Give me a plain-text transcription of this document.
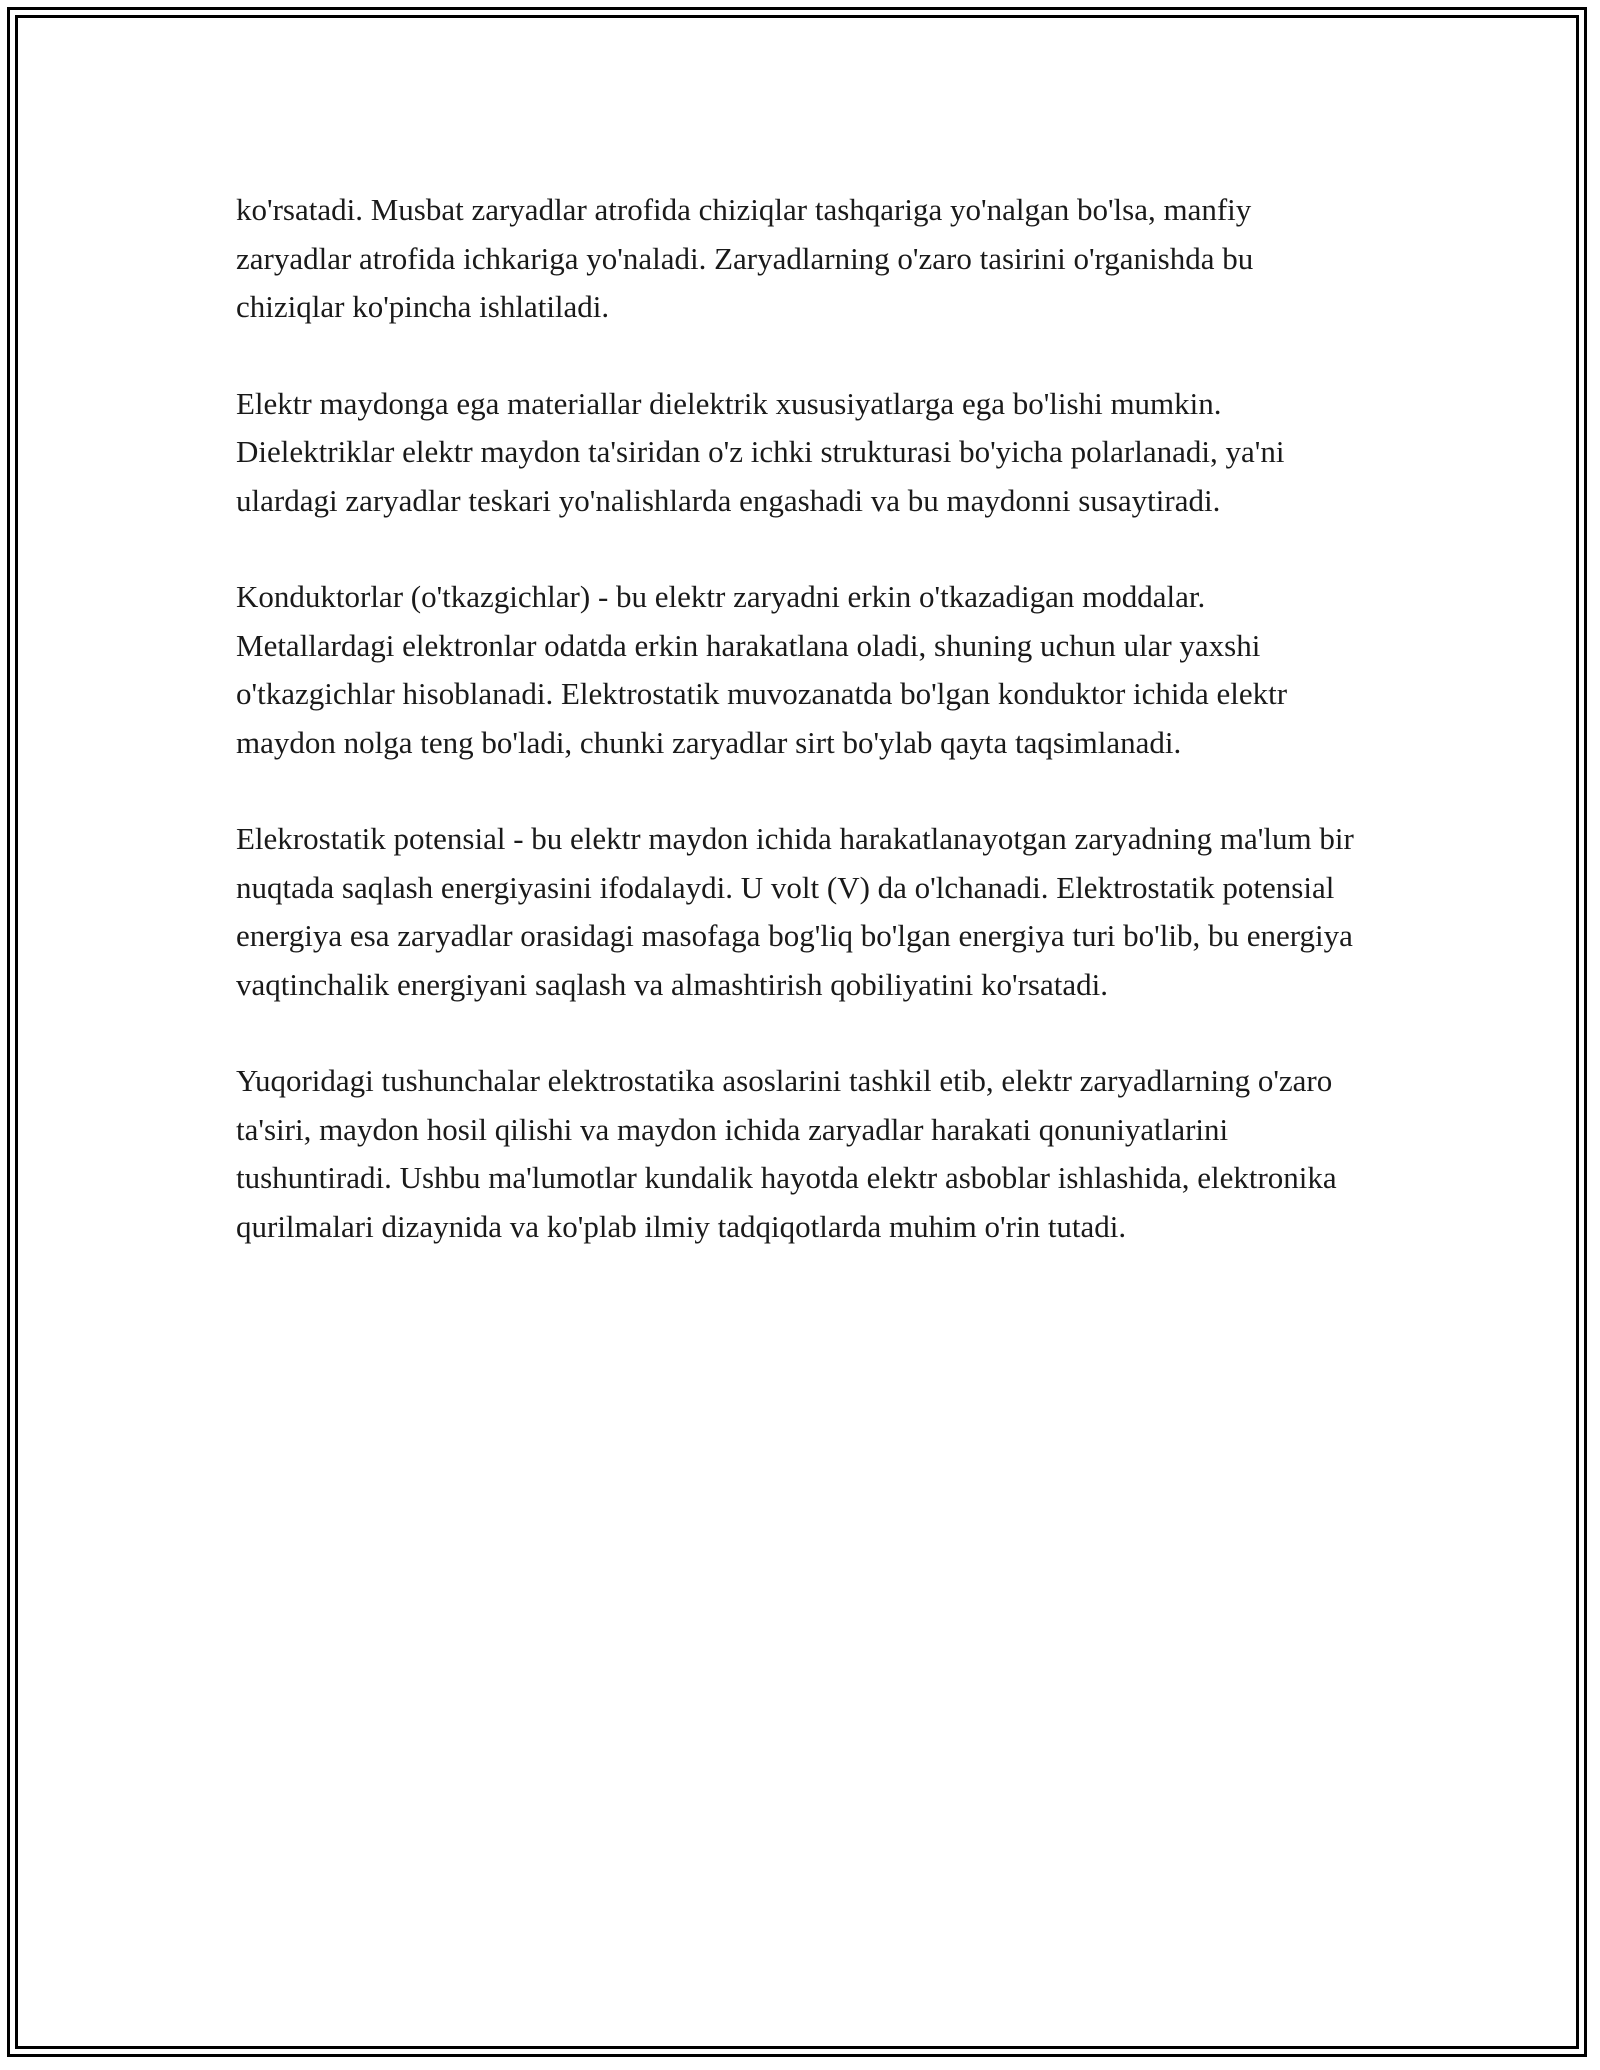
ko'rsatadi. Musbat zaryadlar atrofida chiziqlar tashqariga yo'nalgan bo'lsa, manfiy zaryadlar atrofida ichkariga yo'naladi. Zaryadlarning o'zaro tasirini o'rganishda bu chiziqlar ko'pincha ishlatiladi.

Elektr maydonga ega materiallar dielektrik xususiyatlarga ega bo'lishi mumkin. Dielektriklar elektr maydon ta'siridan o'z ichki strukturasi bo'yicha polarlanadi, ya'ni ulardagi zaryadlar teskari yo'nalishlarda engashadi va bu maydonni susaytiradi.

Konduktorlar (o'tkazgichlar) - bu elektr zaryadni erkin o'tkazadigan moddalar. Metallardagi elektronlar odatda erkin harakatlana oladi, shuning uchun ular yaxshi o'tkazgichlar hisoblanadi. Elektrostatik muvozanatda bo'lgan konduktor ichida elektr maydon nolga teng bo'ladi, chunki zaryadlar sirt bo'ylab qayta taqsimlanadi.

Elekrostatik potensial - bu elektr maydon ichida harakatlanayotgan zaryadning ma'lum bir nuqtada saqlash energiyasini ifodalaydi. U volt (V) da o'lchanadi. Elektrostatik potensial energiya esa zaryadlar orasidagi masofaga bog'liq bo'lgan energiya turi bo'lib, bu energiya vaqtinchalik energiyani saqlash va almashtirish qobiliyatini ko'rsatadi.

Yuqoridagi tushunchalar elektrostatika asoslarini tashkil etib, elektr zaryadlarning o'zaro ta'siri, maydon hosil qilishi va maydon ichida zaryadlar harakati qonuniyatlarini tushuntiradi. Ushbu ma'lumotlar kundalik hayotda elektr asboblar ishlashida, elektronika qurilmalari dizaynida va ko'plab ilmiy tadqiqotlarda muhim o'rin tutadi.
